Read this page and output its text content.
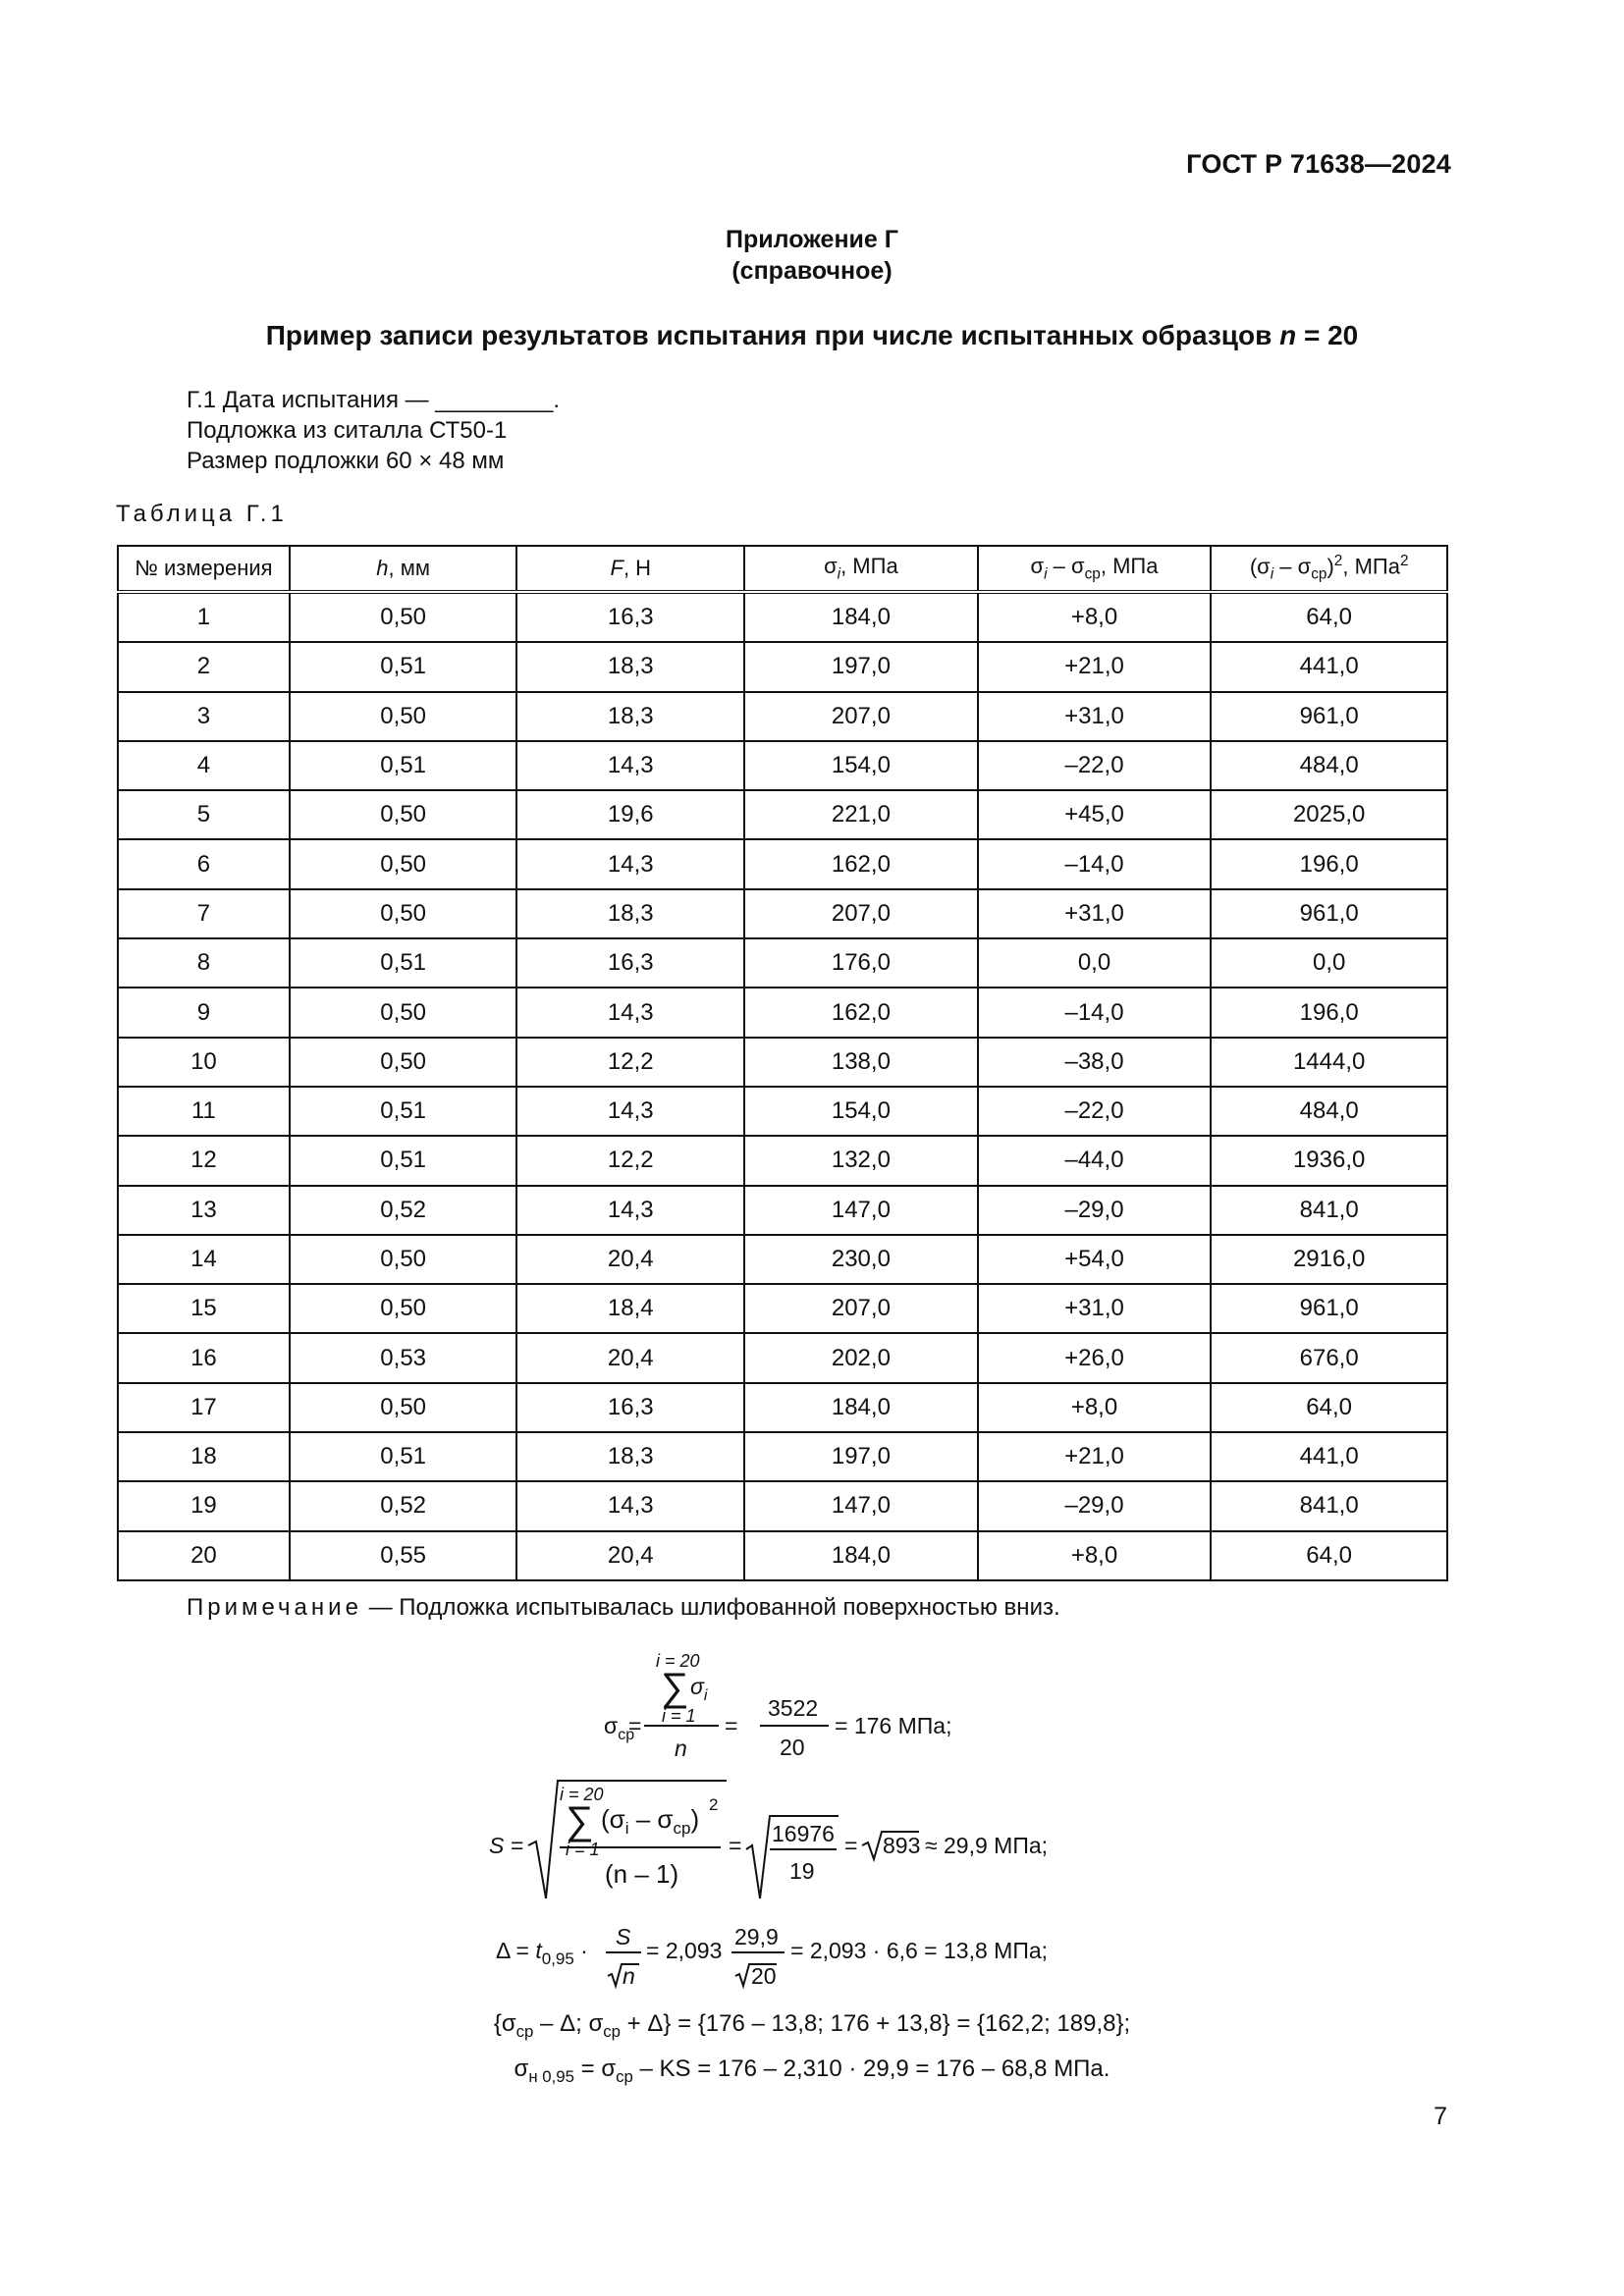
ГОСТ Р 71638—2024
Приложение Г
(справочное)
Пример записи результатов испытания при числе испытанных образцов n = 20
Г.1 Дата испытания — _________.
Подложка из ситалла СТ50-1
Размер подложки 60 × 48 мм
Таблица Г.1
№ измерения	h, мм	F, Н	$\sigma_i$, МПа	$\sigma_i - \sigma_{ср}$, МПа	$(\sigma_i - \sigma_{ср})^2$, МПа$^2$
1	0,50	16,3	184,0	+8,0	64,0
2	0,51	18,3	197,0	+21,0	441,0
3	0,50	18,3	207,0	+31,0	961,0
4	0,51	14,3	154,0	–22,0	484,0
5	0,50	19,6	221,0	+45,0	2025,0
6	0,50	14,3	162,0	–14,0	196,0
7	0,50	18,3	207,0	+31,0	961,0
8	0,51	16,3	176,0	0,0	0,0
9	0,50	14,3	162,0	–14,0	196,0
10	0,50	12,2	138,0	–38,0	1444,0
11	0,51	14,3	154,0	–22,0	484,0
12	0,51	12,2	132,0	–44,0	1936,0
13	0,52	14,3	147,0	–29,0	841,0
14	0,50	20,4	230,0	+54,0	2916,0
15	0,50	18,4	207,0	+31,0	961,0
16	0,53	20,4	202,0	+26,0	676,0
17	0,50	16,3	184,0	+8,0	64,0
18	0,51	18,3	197,0	+21,0	441,0
19	0,52	14,3	147,0	–29,0	841,0
20	0,55	20,4	184,0	+8,0	64,0
Примечание — Подложка испытывалась шлифованной поверхностью вниз.
i = 20
∑ $\sigma_i$
i = 1
n
$\sigma_{ср}$
=	=
3522
20
= 176 МПа;
S =
i = 20
∑
i = 1
$(\sigma_i - \sigma_{ср})$ 2
(n – 1)
= 16976
19
= 893 ≈ 29,9 МПа;
$\Delta = t_{0,95}$ ·
S
n
= 2,093
29,9
20
= 2,093 · 6,6 = 13,8 МПа;
{$\sigma_{ср}$ – Δ; $\sigma_{ср} + \Delta\} = \{176 - 13,8$; 176 + 13,8} = {162,2; 189,8};
$\sigma_{н 0,95} = \sigma_{ср}$ – KS = 176 – 2,310 · 29,9 = 176 – 68,8 МПа.
7
